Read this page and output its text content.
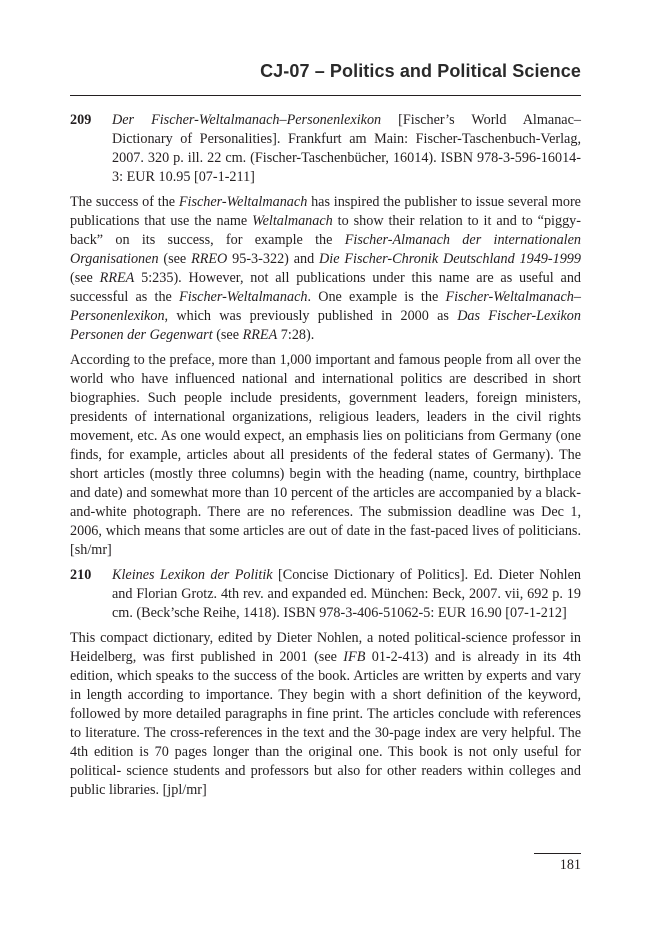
CJ-07 – Politics and Political Science
209 Der Fischer-Weltalmanach–Personenlexikon [Fischer’s World Almanac–Dictionary of Personalities]. Frankfurt am Main: Fischer-Taschenbuch-Verlag, 2007. 320 p. ill. 22 cm. (Fischer-Taschenbücher, 16014). ISBN 978-3-596-16014-3: EUR 10.95 [07-1-211]

The success of the Fischer-Weltalmanach has inspired the publisher to issue several more publications that use the name Weltalmanach to show their relation to it and to “piggy-back” on its success, for example the Fischer-Almanach der internationalen Organisationen (see RREO 95-3-322) and Die Fischer-Chronik Deutschland 1949-1999 (see RREA 5:235). However, not all publications under this name are as useful and successful as the Fischer-Weltalmanach. One example is the Fischer-Weltalmanach–Personenlexikon, which was previously published in 2000 as Das Fischer-Lexikon Personen der Gegenwart (see RREA 7:28).

According to the preface, more than 1,000 important and famous people from all over the world who have influenced national and international politics are described in short biographies. Such people include presidents, government leaders, foreign ministers, presidents of international organizations, religious leaders, leaders in the civil rights movement, etc. As one would expect, an emphasis lies on politicians from Germany (one finds, for example, articles about all presidents of the federal states of Germany). The short articles (mostly three columns) begin with the heading (name, country, birthplace and date) and somewhat more than 10 percent of the articles are accompanied by a black-and-white photograph. There are no references. The submission deadline was Dec 1, 2006, which means that some articles are out of date in the fast-paced lives of politicians. [sh/mr]

210 Kleines Lexikon der Politik [Concise Dictionary of Politics]. Ed. Dieter Nohlen and Florian Grotz. 4th rev. and expanded ed. München: Beck, 2007. vii, 692 p. 19 cm. (Beck’sche Reihe, 1418). ISBN 978-3-406-51062-5: EUR 16.90 [07-1-212]

This compact dictionary, edited by Dieter Nohlen, a noted political-science professor in Heidelberg, was first published in 2001 (see IFB 01-2-413) and is already in its 4th edition, which speaks to the success of the book. Articles are written by experts and vary in length according to importance. They begin with a short definition of the keyword, followed by more detailed paragraphs in fine print. The articles conclude with references to literature. The cross-references in the text and the 30-page index are very helpful. The 4th edition is 70 pages longer than the original one. This book is not only useful for political- science students and professors but also for other readers within colleges and public libraries. [jpl/mr]

181
